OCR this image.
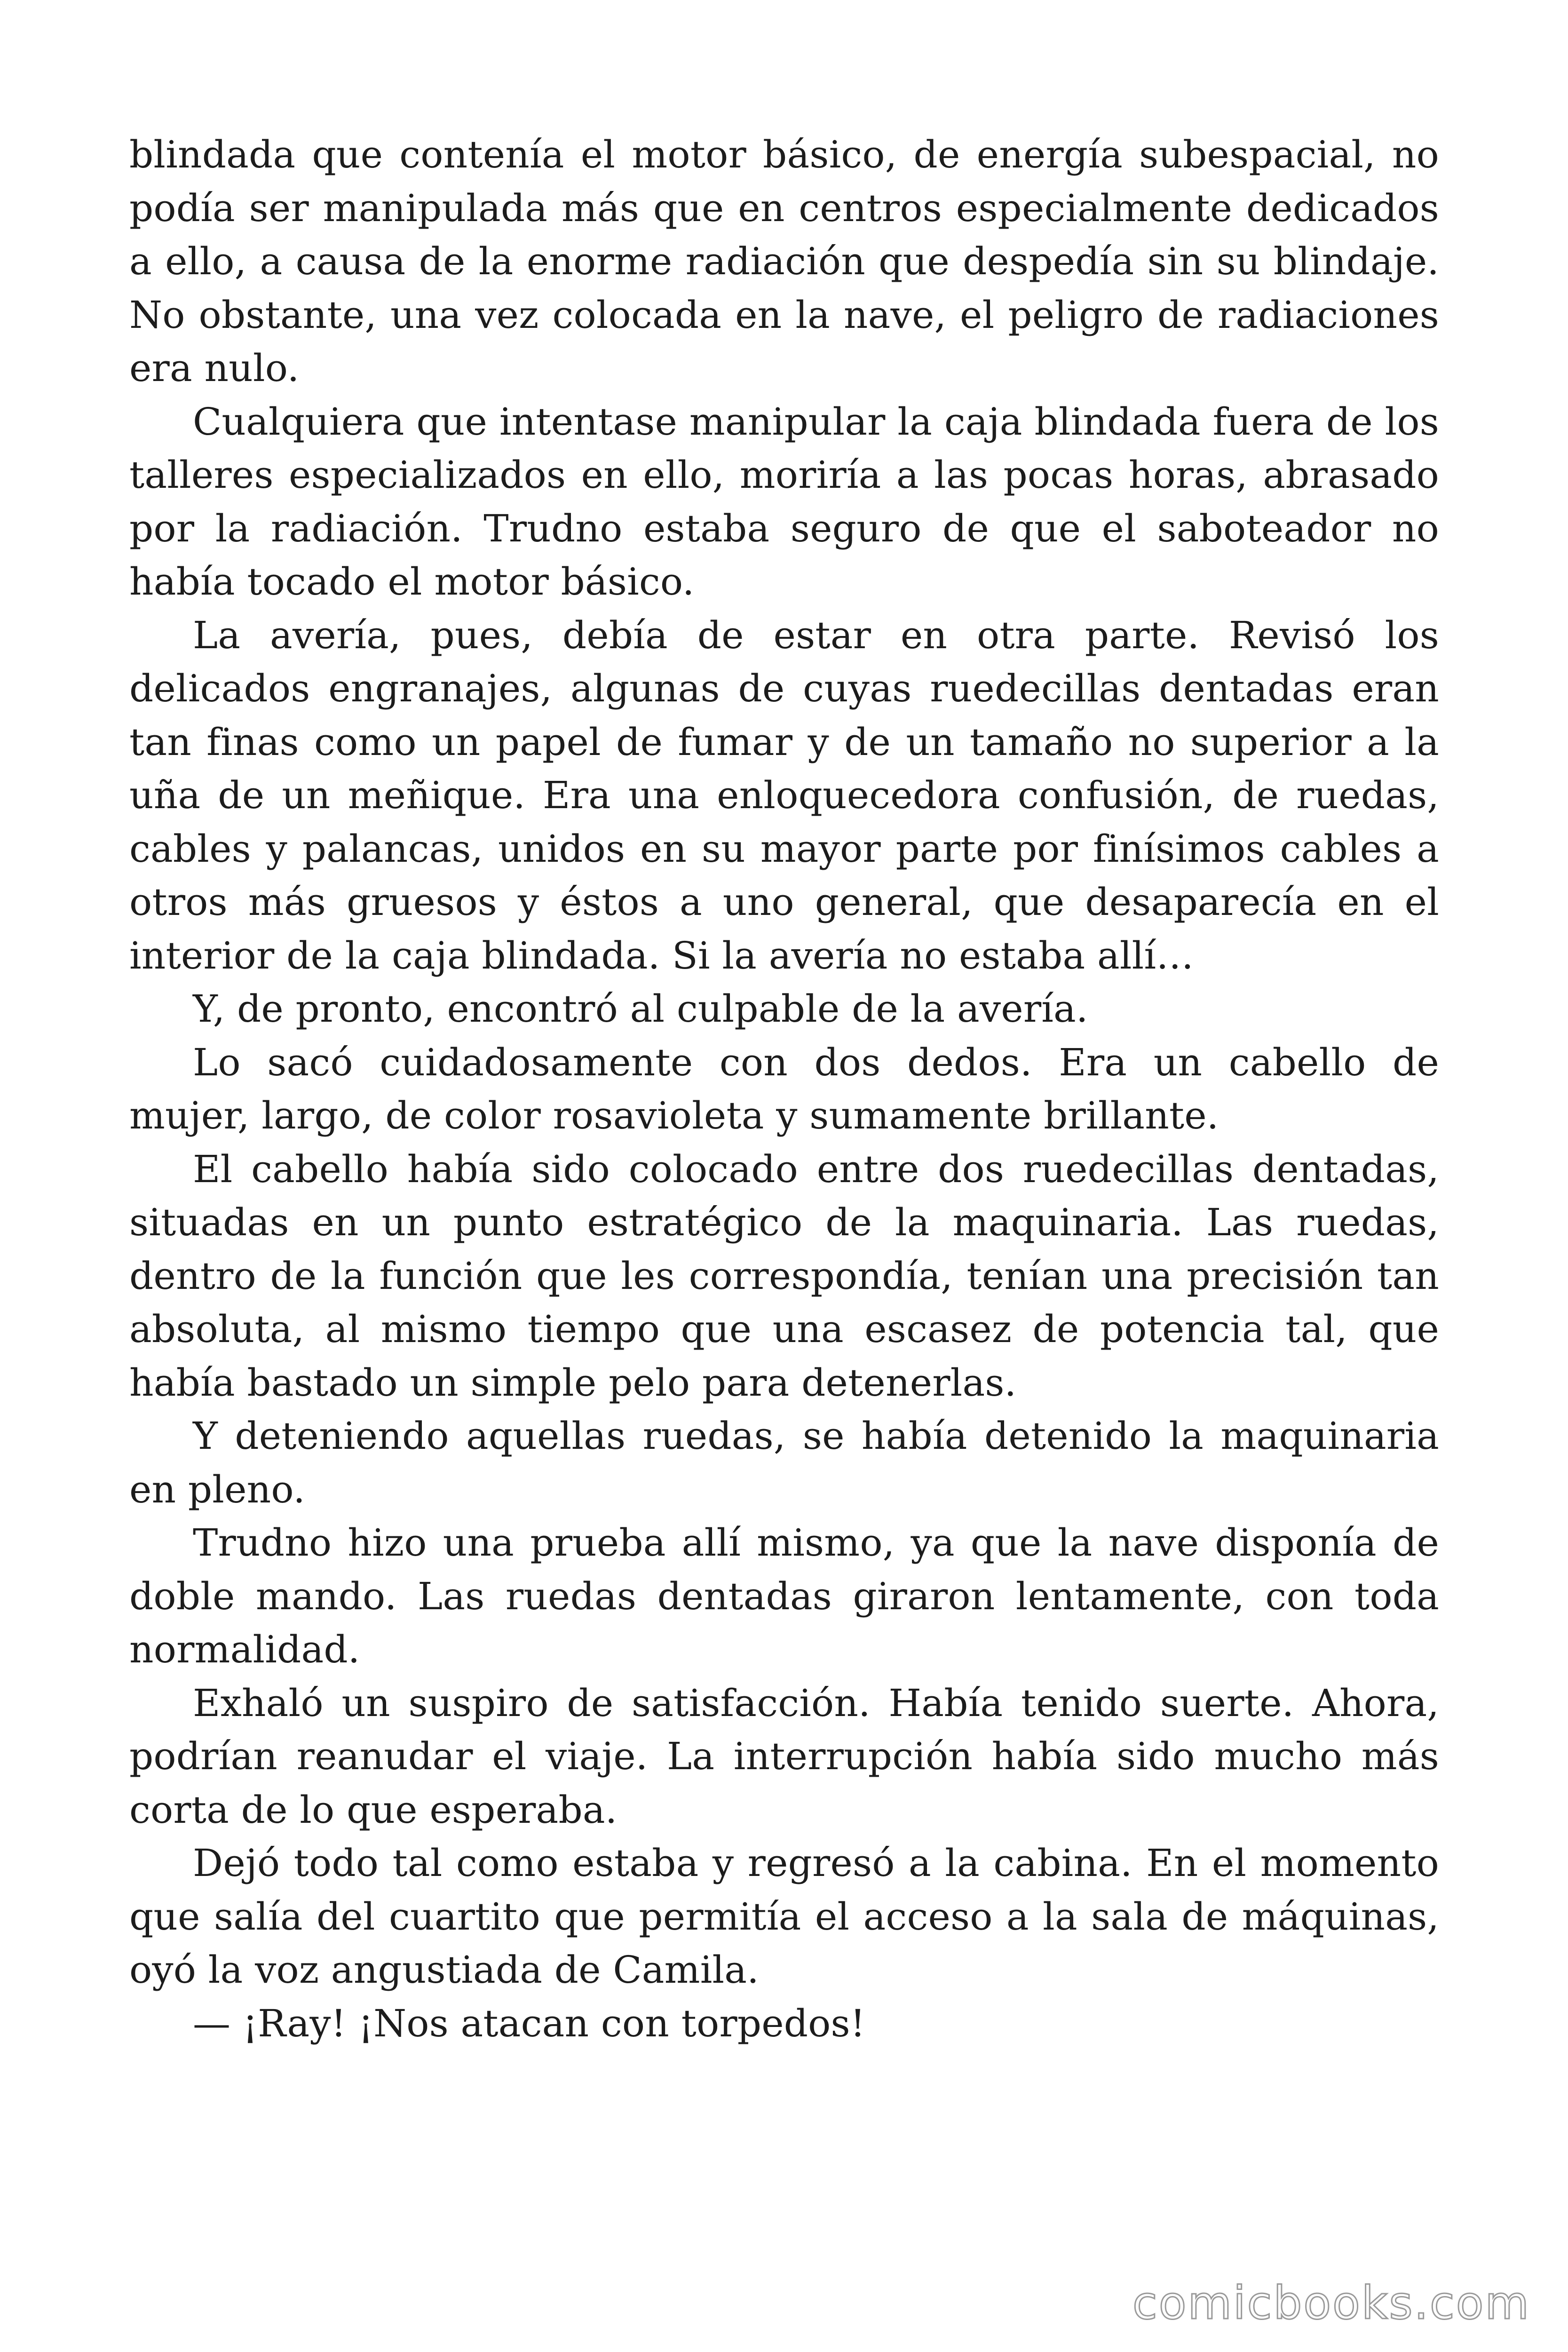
blindada que contenía el motor básico, de energía subespacial, no podía ser manipulada más que en centros especialmente dedicados a ello, a causa de la enorme radiación que despedía sin su blindaje. No obstante, una vez colocada en la nave, el peligro de radiaciones era nulo.

Cualquiera que intentase manipular la caja blindada fuera de los talleres especializados en ello, moriría a las pocas horas, abrasado por la radiación. Trudno estaba seguro de que el saboteador no había tocado el motor básico.

La avería, pues, debía de estar en otra parte. Revisó los delicados engranajes, algunas de cuyas ruedecillas dentadas eran tan finas como un papel de fumar y de un tamaño no superior a la uña de un meñique. Era una enloquecedora confusión, de ruedas, cables y palancas, unidos en su mayor parte por finísimos cables a otros más gruesos y éstos a uno general, que desaparecía en el interior de la caja blindada. Si la avería no estaba allí…

Y, de pronto, encontró al culpable de la avería.

Lo sacó cuidadosamente con dos dedos. Era un cabello de mujer, largo, de color rosavioleta y sumamente brillante.

El cabello había sido colocado entre dos ruedecillas dentadas, situadas en un punto estratégico de la maquinaria. Las ruedas, dentro de la función que les correspondía, tenían una precisión tan absoluta, al mismo tiempo que una escasez de potencia tal, que había bastado un simple pelo para detenerlas.

Y deteniendo aquellas ruedas, se había detenido la maquinaria en pleno.

Trudno hizo una prueba allí mismo, ya que la nave disponía de doble mando. Las ruedas dentadas giraron lentamente, con toda normalidad.

Exhaló un suspiro de satisfacción. Había tenido suerte. Ahora, podrían reanudar el viaje. La interrupción había sido mucho más corta de lo que esperaba.

Dejó todo tal como estaba y regresó a la cabina. En el momento que salía del cuartito que permitía el acceso a la sala de máquinas, oyó la voz angustiada de Camila.

— ¡Ray! ¡Nos atacan con torpedos!

comicbooks.com
